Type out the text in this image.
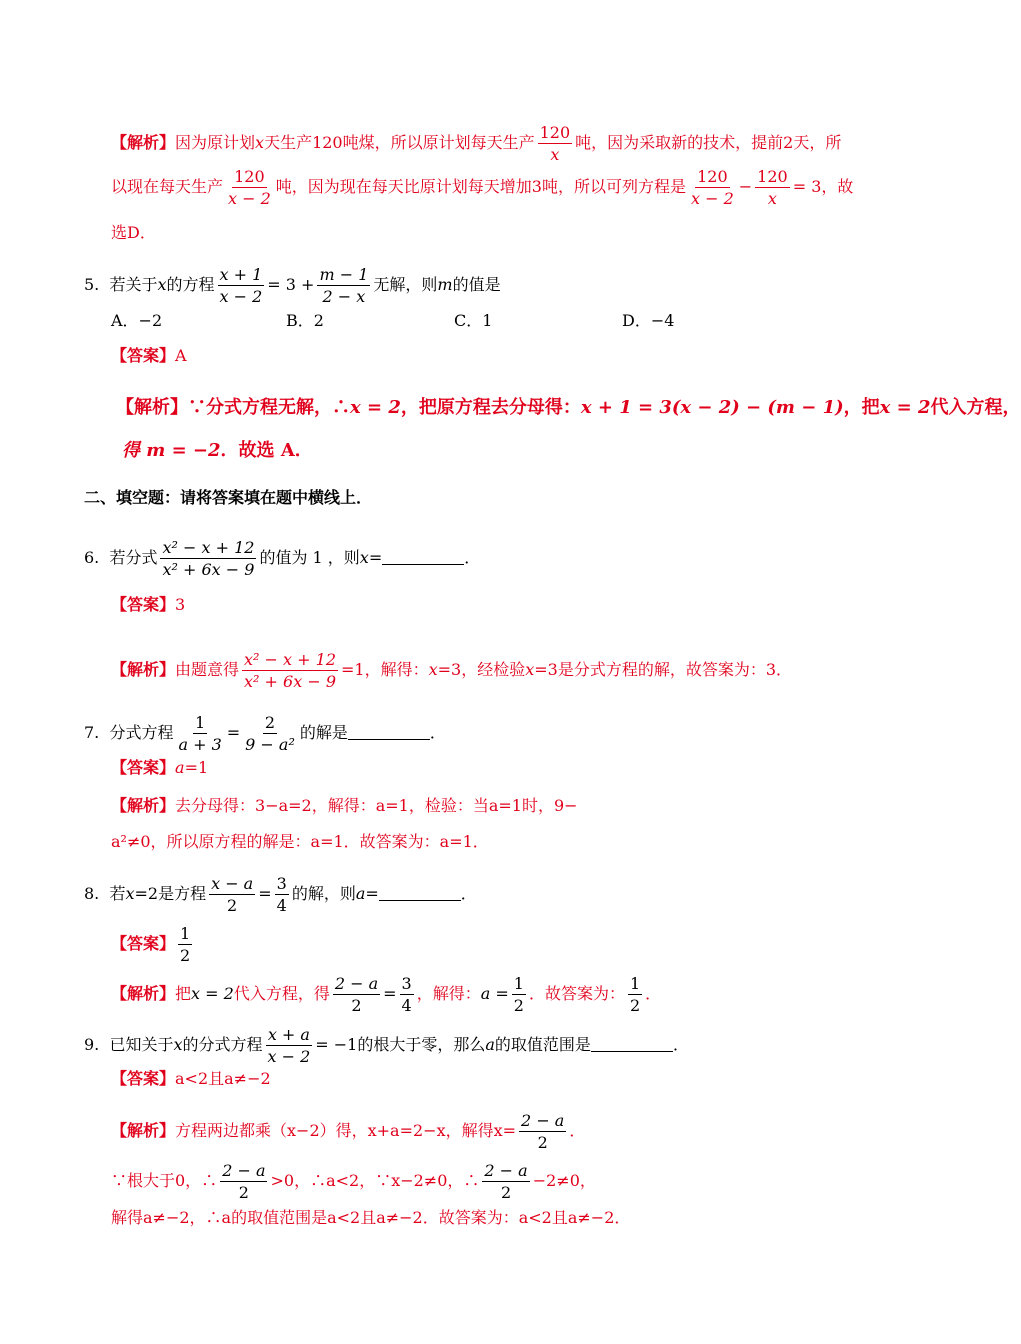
【解析】因为原计划x天生产120吨煤，所以原计划每天生产 $\frac{120}{x}$ 吨，因为采取新的技术，提前2天，所
以现在每天生产 $\frac{120}{x - 2}$ 吨，因为现在每天比原计划每天增加3吨，所以可列方程是 $\frac{120}{x - 2} - \frac{120}{x} = 3$，故
选D．
5. 若关于x的方程 $\frac{x + 1}{x - 2} = 3 + \frac{m - 1}{2 - x}$ 无解，则m的值是
A．−2	B．2	C．1	D．−4
【答案】A
【解析】∵分式方程无解，∴x = 2，把原方程去分母得：x + 1 = 3(x − 2) − (m − 1)，把x = 2代入方程，
得 m = −2．故选 A．
二、填空题：请将答案填在题中横线上．
6. 若分式 $\frac{\text{x² − x + 12}}{\text{x² + 6x − 9}}$ 的值为 1 ，则x=	．
【答案】3
【解析】由题意得 $\frac{\text{x² − x + 12}}{\text{x² + 6x − 9}} =1$，解得：x=3，经检验x=3是分式方程的解，故答案为：3．
7. 分式方程 $\frac{1}{a + 3} = \frac{2}{\text{9 − a²}}$ 的解是	．
【答案】a=1
【解析】去分母得：3−a=2，解得：a=1，检验：当a=1时，9−
a²≠0，所以原方程的解是：a=1．故答案为：a=1．
8. 若x=2是方程 $\frac{x - a}{2} = \frac{3}{4}$ 的解，则a=	．
【答案】 $\frac{1}{2}$
【解析】把x = 2代入方程，得 $\frac{2 - a}{2} = \frac{3}{4}$ ，解得：$a = \frac{1}{2}$ ．故答案为： $\frac{1}{2}$ ．
9. 已知关于x的分式方程 $\frac{x + a}{x - 2} = -1$的根大于零，那么a的取值范围是	．
【答案】a<2且a≠−2
【解析】方程两边都乘（x−2）得，x+a=2−x，解得$x= \frac{2 - a}{2}$ ．
∵根大于0，∴ $\frac{2 - a}{2} >0$，∴a<2，∵x−2≠0，∴ $\frac{2 - a}{2} -2\ne 0$，
解得a≠−2，∴a的取值范围是a<2且a≠−2．故答案为：a<2且a≠−2．
